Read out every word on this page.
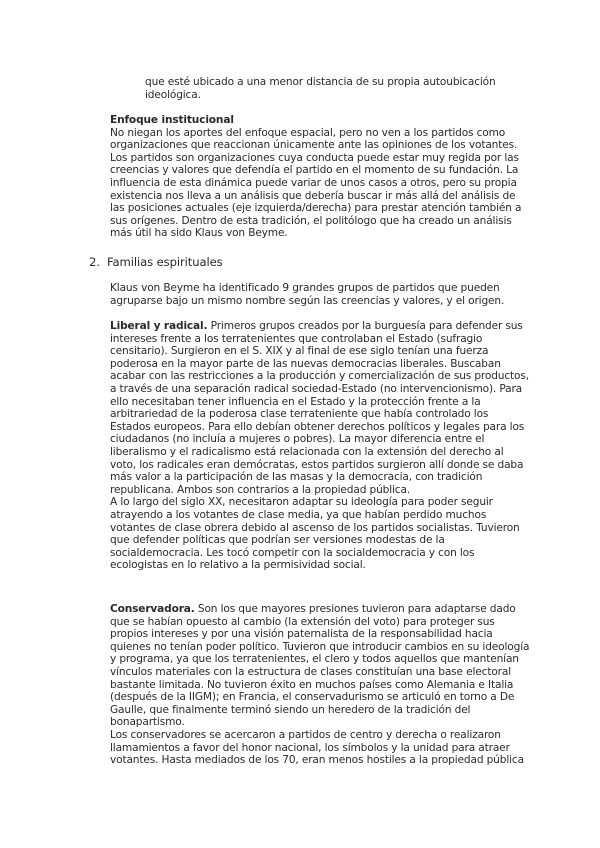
que esté ubicado a una menor distancia de su propia autoubicación ideológica.

Enfoque institucional

No niegan los aportes del enfoque espacial, pero no ven a los partidos como organizaciones que reaccionan únicamente ante las opiniones de los votantes. Los partidos son organizaciones cuya conducta puede estar muy regida por las creencias y valores que defendía el partido en el momento de su fundación. La influencia de esta dinámica puede variar de unos casos a otros, pero su propia existencia nos lleva a un análisis que debería buscar ir más allá del análisis de las posiciones actuales (eje izquierda/derecha) para prestar atención también a sus orígenes. Dentro de esta tradición, el politólogo que ha creado un análisis más útil ha sido Klaus von Beyme.

2. Familias espirituales

Klaus von Beyme ha identificado 9 grandes grupos de partidos que pueden agruparse bajo un mismo nombre según las creencias y valores, y el origen.

Liberal y radical. Primeros grupos creados por la burguesía para defender sus intereses frente a los terratenientes que controlaban el Estado (sufragio censitario). Surgieron en el S. XIX y al final de ese siglo tenían una fuerza poderosa en la mayor parte de las nuevas democracias liberales. Buscaban acabar con las restricciones a la producción y comercialización de sus productos, a través de una separación radical sociedad-Estado (no intervencionismo). Para ello necesitaban tener influencia en el Estado y la protección frente a la arbitrariedad de la poderosa clase terrateniente que había controlado los Estados europeos. Para ello debían obtener derechos políticos y legales para los ciudadanos (no incluía a mujeres o pobres). La mayor diferencia entre el liberalismo y el radicalismo está relacionada con la extensión del derecho al voto, los radicales eran demócratas, estos partidos surgieron allí donde se daba más valor a la participación de las masas y la democracia, con tradición republicana. Ambos son contrarios a la propiedad pública.

A lo largo del siglo XX, necesitaron adaptar su ideología para poder seguir atrayendo a los votantes de clase media, ya que habían perdido muchos votantes de clase obrera debido al ascenso de los partidos socialistas. Tuvieron que defender políticas que podrían ser versiones modestas de la socialdemocracia. Les tocó competir con la socialdemocracia y con los ecologistas en lo relativo a la permisividad social.

Conservadora. Son los que mayores presiones tuvieron para adaptarse dado que se habían opuesto al cambio (la extensión del voto) para proteger sus propios intereses y por una visión paternalista de la responsabilidad hacia quienes no tenían poder político. Tuvieron que introducir cambios en su ideología y programa, ya que los terratenientes, el clero y todos aquellos que mantenían vínculos materiales con la estructura de clases constituían una base electoral bastante limitada. No tuvieron éxito en muchos países como Alemania e Italia (después de la IIGM); en Francia, el conservadurismo se articuló en torno a De Gaulle, que finalmente terminó siendo un heredero de la tradición del bonapartismo.

Los conservadores se acercaron a partidos de centro y derecha o realizaron llamamientos a favor del honor nacional, los símbolos y la unidad para atraer votantes. Hasta mediados de los 70, eran menos hostiles a la propiedad pública
